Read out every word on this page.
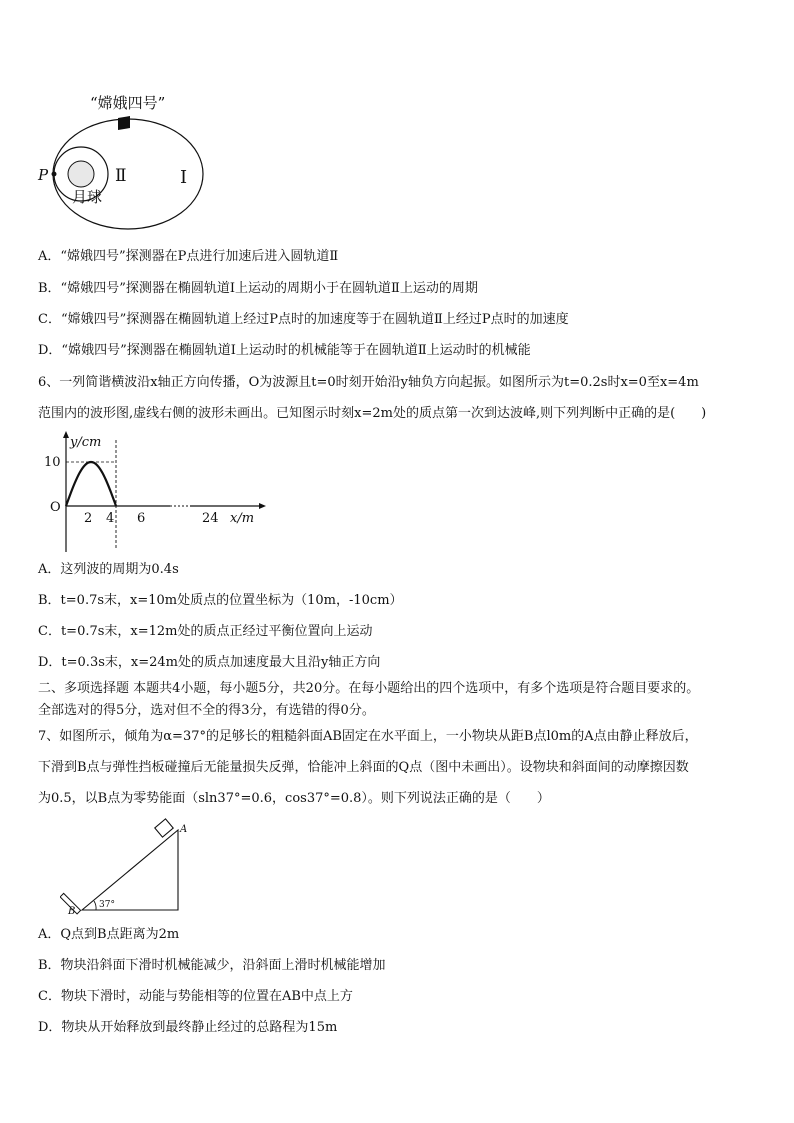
“嫦娥四号”
P	Ⅱ	Ⅰ
月球
A．“嫦娥四号”探测器在P点进行加速后进入圆轨道Ⅱ
B．“嫦娥四号”探测器在椭圆轨道Ⅰ上运动的周期小于在圆轨道Ⅱ上运动的周期
C．“嫦娥四号”探测器在椭圆轨道上经过P点时的加速度等于在圆轨道Ⅱ上经过P点时的加速度
D．“嫦娥四号”探测器在椭圆轨道Ⅰ上运动时的机械能等于在圆轨道Ⅱ上运动时的机械能
6、一列简谐横波沿x轴正方向传播，O为波源且t=0时刻开始沿y轴负方向起振。如图所示为t=0.2s时x=0至x=4m
范围内的波形图,虚线右侧的波形未画出。已知图示时刻x=2m处的质点第一次到达波峰,则下列判断中正确的是(　　)
y/cm
10
O
2 4 6	24 x/m
A．这列波的周期为0.4s
B．t=0.7s末，x=10m处质点的位置坐标为（10m，-10cm）
C．t=0.7s末，x=12m处的质点正经过平衡位置向上运动
D．t=0.3s末，x=24m处的质点加速度最大且沿y轴正方向
二、多项选择题 本题共4小题，每小题5分，共20分。在每小题给出的四个选项中，有多个选项是符合题目要求的。
全部选对的得5分，选对但不全的得3分，有选错的得0分。
7、如图所示，倾角为α=37°的足够长的粗糙斜面AB固定在水平面上，一小物块从距B点l0m的A点由静止释放后，
下滑到B点与弹性挡板碰撞后无能量损失反弹，恰能冲上斜面的Q点（图中未画出）。设物块和斜面间的动摩擦因数
为0.5，以B点为零势能面（sln37°=0.6，cos37°=0.8）。则下列说法正确的是（　　）
A
B
37°
A．Q点到B点距离为2m
B．物块沿斜面下滑时机械能减少，沿斜面上滑时机械能增加
C．物块下滑时，动能与势能相等的位置在AB中点上方
D．物块从开始释放到最终静止经过的总路程为15m
